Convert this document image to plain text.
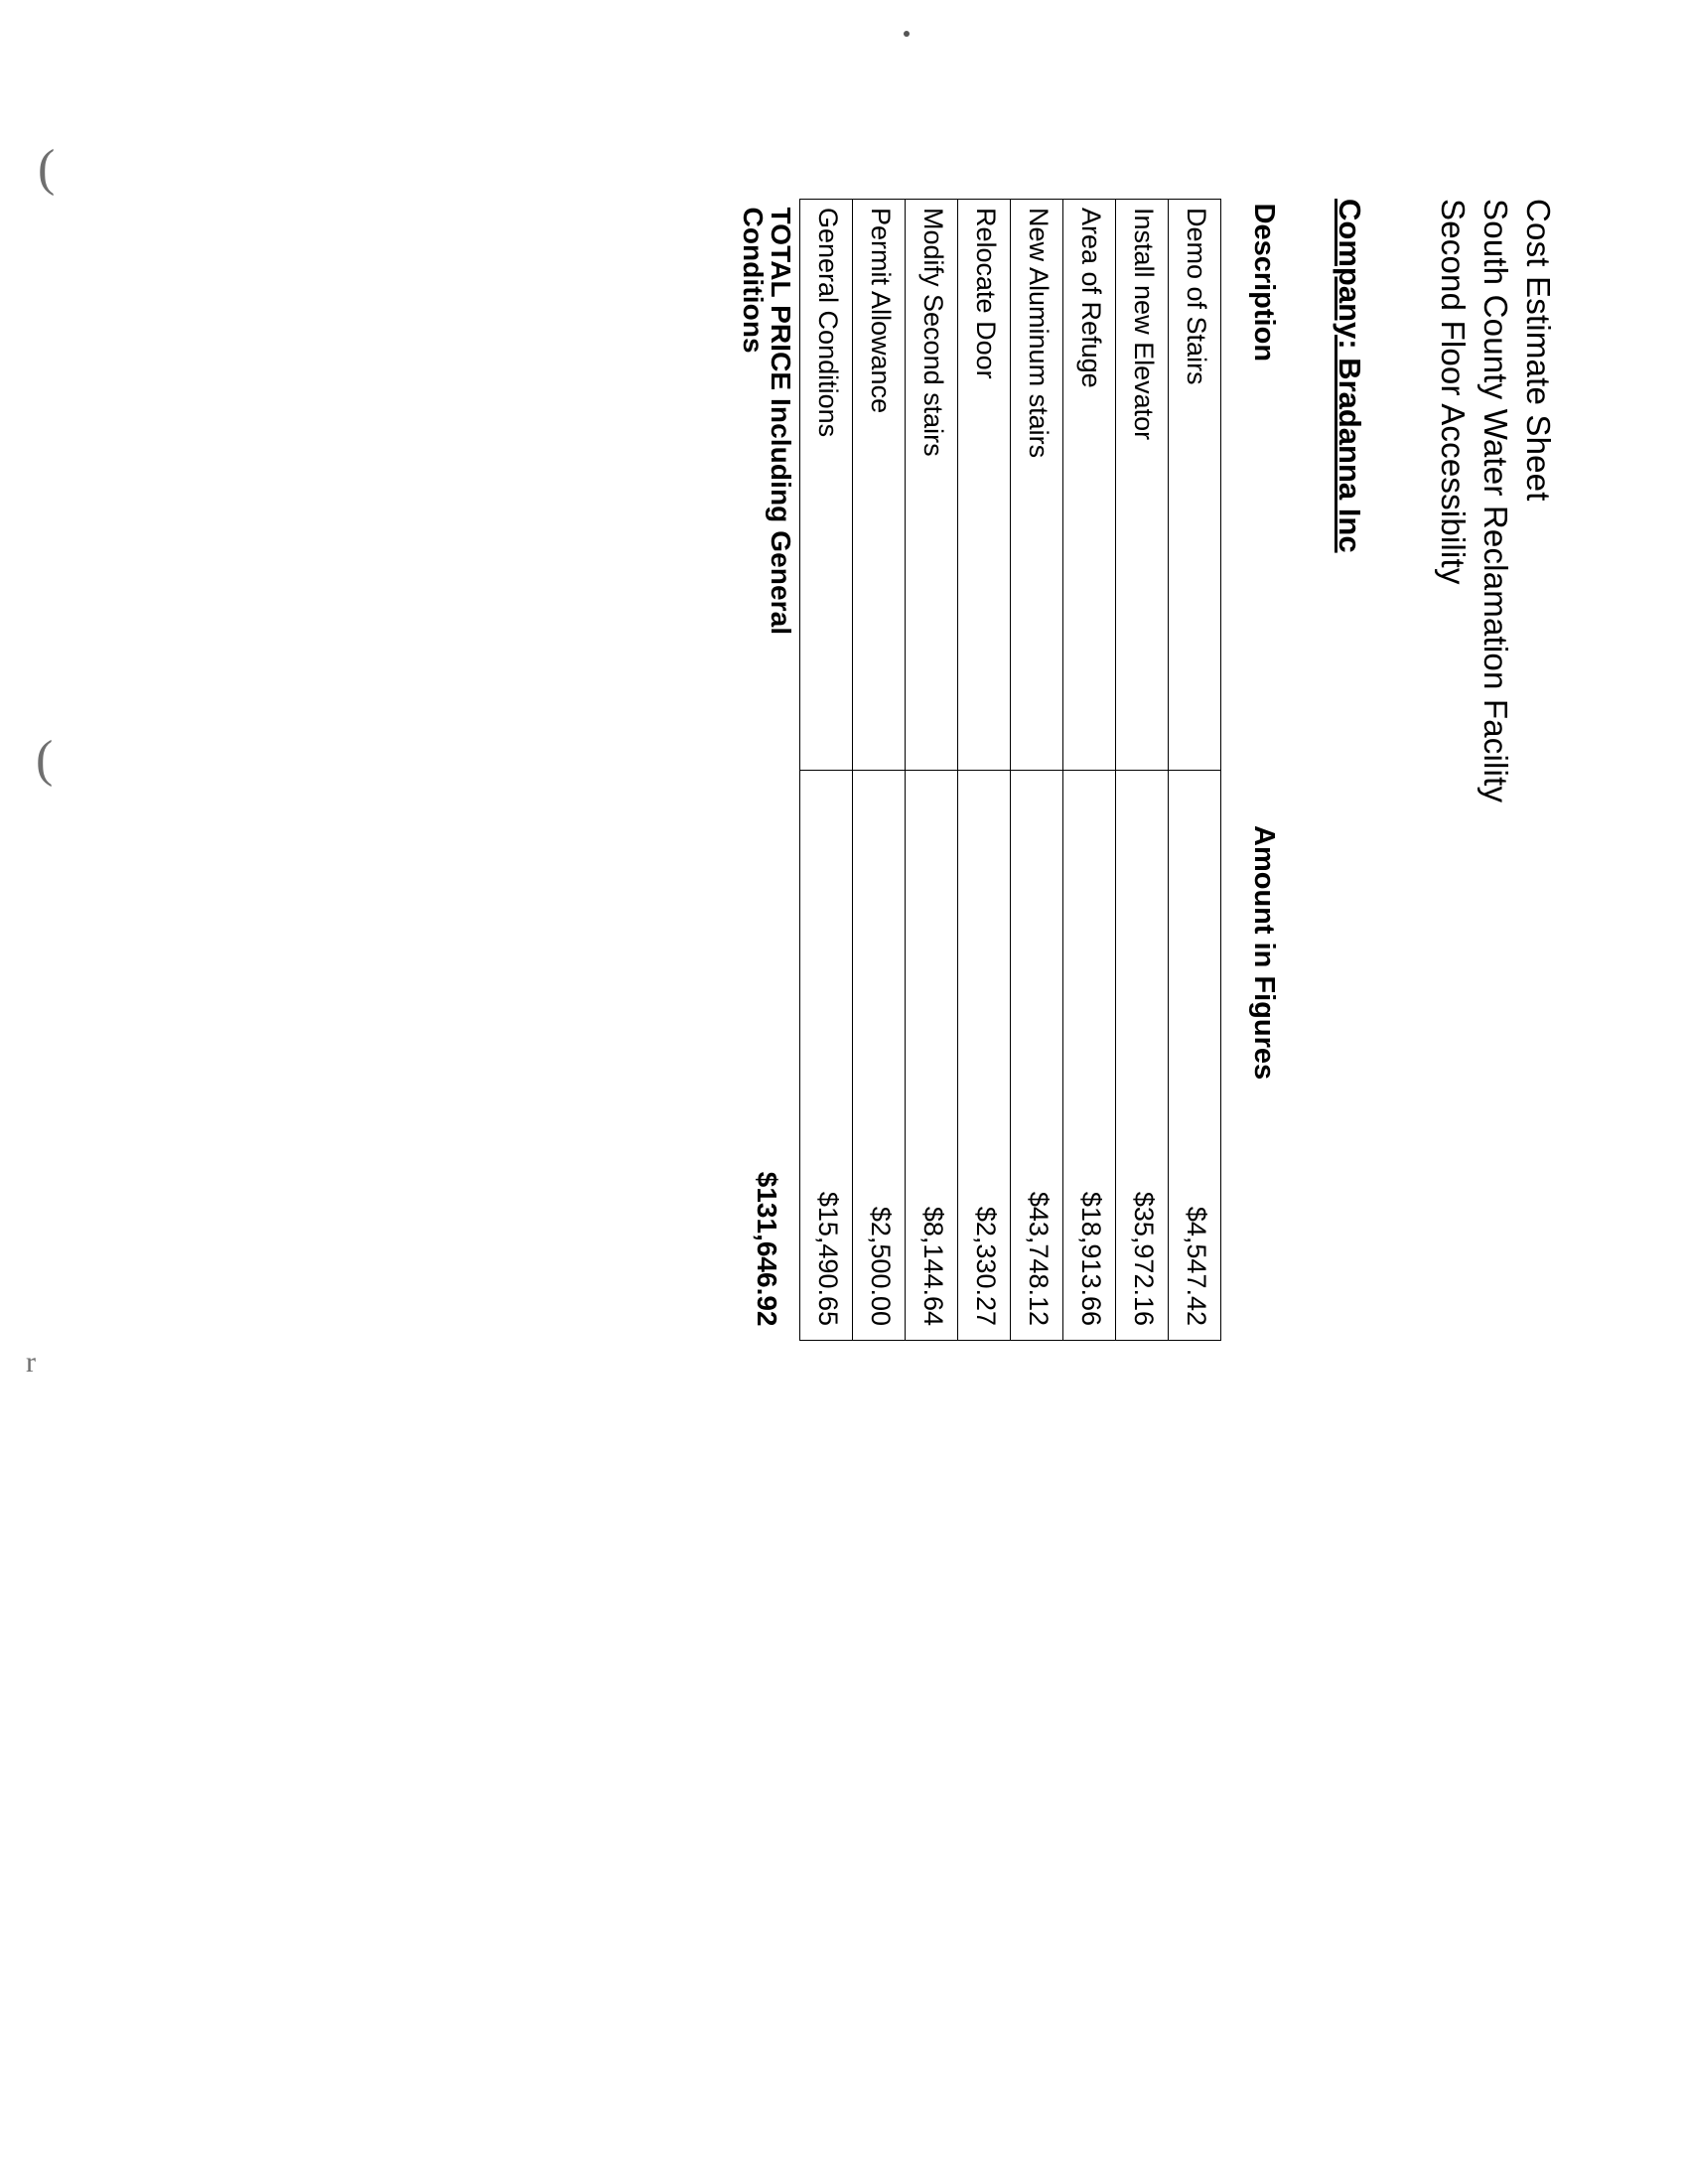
(
(
r
Cost Estimate Sheet
South County Water Reclamation Facility
Second Floor Accessibility
Company: Bradanna Inc
Description	Amount in Figures
Demo of Stairs	$4,547.42
Install new Elevator	$35,972.16
Area of Refuge	$18,913.66
New Aluminum stairs	$43,748.12
Relocate Door	$2,330.27
Modify Second stairs	$8,144.64
Permit Allowance	$2,500.00
General Conditions	$15,490.65
TOTAL PRICE Including General Conditions	$131,646.92
